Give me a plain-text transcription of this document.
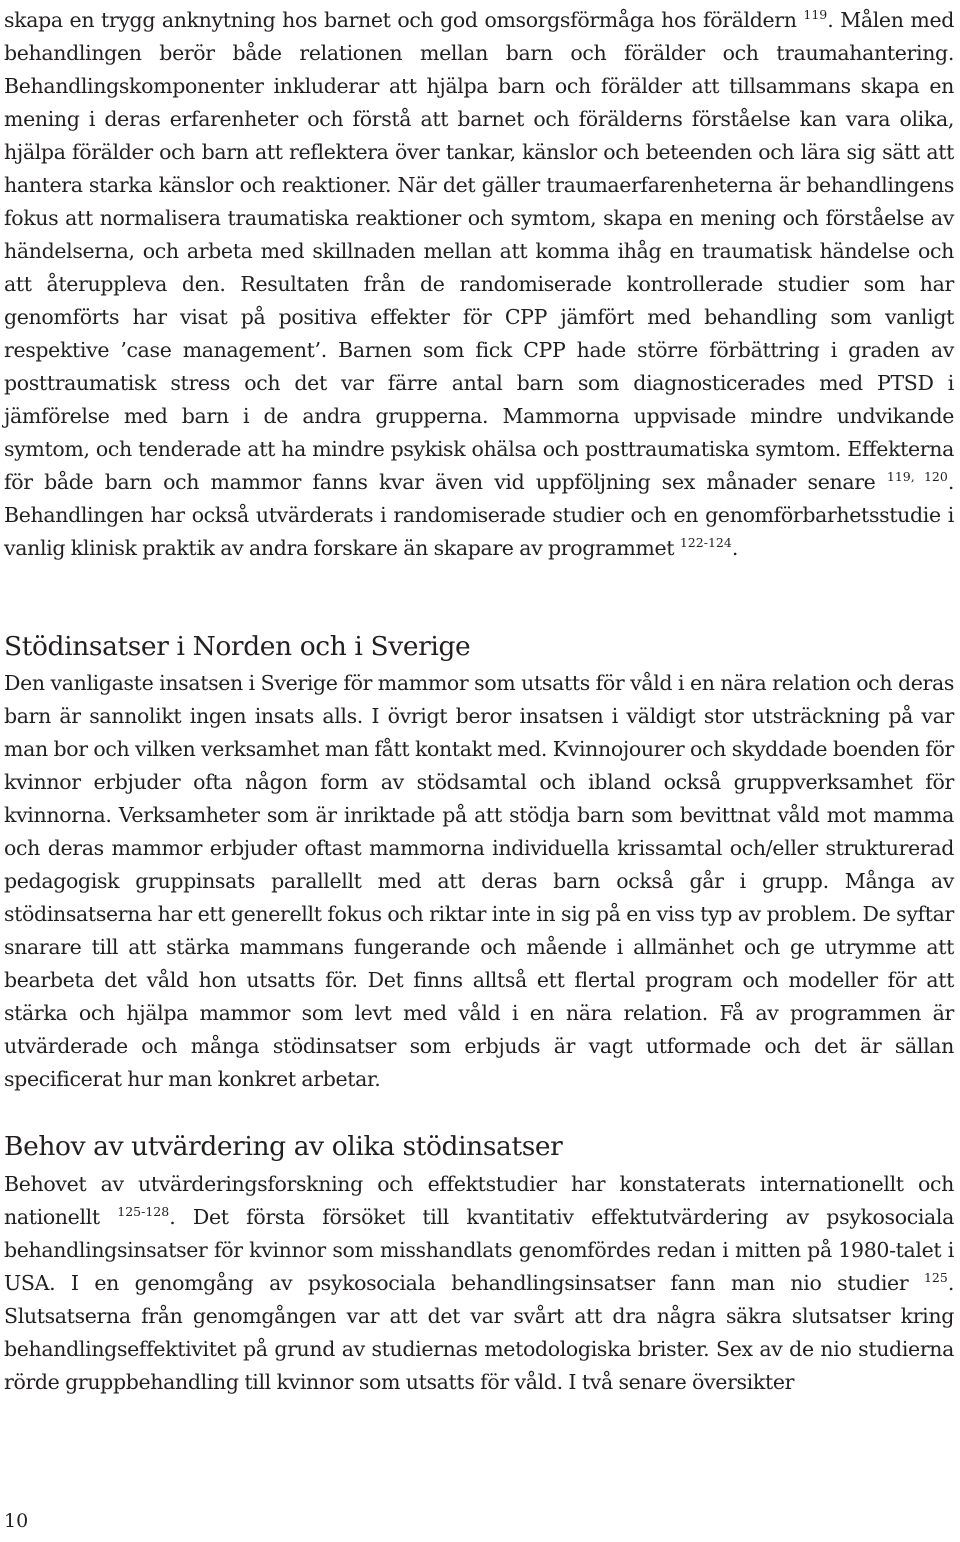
skapa en trygg anknytning hos barnet och god omsorgsförmåga hos föräldern $^{119}$. Målen med behandlingen berör både relationen mellan barn och förälder och traumahantering. Behandlingskomponenter inkluderar att hjälpa barn och förälder att tillsammans skapa en mening i deras erfarenheter och förstå att barnet och förälderns förståelse kan vara olika, hjälpa förälder och barn att reflektera över tankar, känslor och beteenden och lära sig sätt att hantera starka känslor och reaktioner. När det gäller traumaerfarenheterna är behandlingens fokus att normalisera traumatiska reaktioner och symtom, skapa en mening och förståelse av händelserna, och arbeta med skillnaden mellan att komma ihåg en traumatisk händelse och att återuppleva den. Resultaten från de randomiserade kontrollerade studier som har genomförts har visat på positiva effekter för CPP jämfört med behandling som vanligt respektive ’case management’. Barnen som fick CPP hade större förbättring i graden av posttraumatisk stress och det var färre antal barn som diagnosticerades med PTSD i jämförelse med barn i de andra grupperna. Mammorna uppvisade mindre undvikande symtom, och tenderade att ha mindre psykisk ohälsa och posttraumatiska symtom. Effekterna för både barn och mammor fanns kvar även vid uppföljning sex månader senare $^{119, 120}$. Behandlingen har också utvärderats i randomiserade studier och en genomförbarhetsstudie i vanlig klinisk praktik av andra forskare än skapare av programmet $^{122-124}$.

Stödinsatser i Norden och i Sverige

Den vanligaste insatsen i Sverige för mammor som utsatts för våld i en nära relation och deras barn är sannolikt ingen insats alls. I övrigt beror insatsen i väldigt stor utsträckning på var man bor och vilken verksamhet man fått kontakt med. Kvinnojourer och skyddade boenden för kvinnor erbjuder ofta någon form av stödsamtal och ibland också gruppverksamhet för kvinnorna. Verksamheter som är inriktade på att stödja barn som bevittnat våld mot mamma och deras mammor erbjuder oftast mammorna individuella krissamtal och/eller strukturerad pedagogisk gruppinsats parallellt med att deras barn också går i grupp. Många av stödinsatserna har ett generellt fokus och riktar inte in sig på en viss typ av problem. De syftar snarare till att stärka mammans fungerande och mående i allmänhet och ge utrymme att bearbeta det våld hon utsatts för. Det finns alltså ett flertal program och modeller för att stärka och hjälpa mammor som levt med våld i en nära relation. Få av programmen är utvärderade och många stödinsatser som erbjuds är vagt utformade och det är sällan specificerat hur man konkret arbetar.

Behov av utvärdering av olika stödinsatser

Behovet av utvärderingsforskning och effektstudier har konstaterats internationellt och nationellt $^{125-128}$. Det första försöket till kvantitativ effektutvärdering av psykosociala behandlingsinsatser för kvinnor som misshandlats genomfördes redan i mitten på 1980-talet i USA. I en genomgång av psykosociala behandlingsinsatser fann man nio studier $^{125}$. Slutsatserna från genomgången var att det var svårt att dra några säkra slutsatser kring behandlingseffektivitet på grund av studiernas metodologiska brister. Sex av de nio studierna rörde gruppbehandling till kvinnor som utsatts för våld. I två senare översikter

10
